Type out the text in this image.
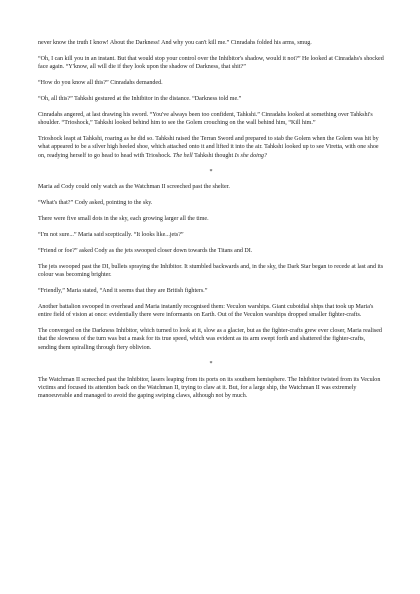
never know the truth I know! About the Darkness! And why you can't kill me.” Cinradahs folded his arms, smug.

“Oh, I can kill you in an instant. But that would stop your control over the Inhibitor's shadow, would it not?” He looked at Cinradahs's shocked face again. “Y'know, all will die if they look upon the shadow of Darkness, that shit?”

“How do you know all this?” Cinradahs demanded.

“Oh, all this?” Tahkshi gestured at the Inhibitor in the distance. “Darkness told me.”

Cinradahs angered, at last drawing his sword. “You've always been too confident, Tahkshi.” Cinradahs looked at something over Tahkshi's shoulder. “Trioshock,” Tahkshi looked behind him to see the Golem crouching on the wall behind him, “Kill him.”

Trioshock leapt at Tahkshi, roaring as he did so. Tahkshi raised the Terran Sword and prepared to stab the Golem when the Golem was hit by what appeared to be a silver high heeled shoe, which attached onto it and lifted it into the air. Tahkshi looked up to see Viretta, with one shoe on, readying herself to go head to head with Trioshock. The hell Tahkshi thought Is she doing?

*

Maria ad Cody could only watch as the Watchman II screeched past the shelter.

“What's that?” Cody asked, pointing to the sky.

There were five small dots in the sky, each growing larger all the time.

“I'm not sure...” Maria said sceptically. “It looks like...jets?”

“Friend or foe?” asked Cody as the jets swooped closer down towards the Titans and DI.

The jets swooped past the DI, bullets spraying the Inhibitor. It stumbled backwards and, in the sky, the Dark Star began to recede at last and its colour was becoming brighter.

“Friendly,” Maria stated, “And it seems that they are British fighters.”

Another battalion swooped in overhead and Maria instantly recognised them: Veculon warships. Giant cuboidial ships that took up Maria's entire field of vision at once: evidentially there were informants on Earth. Out of the Veculon warships dropped smaller fighter-crafts.

The converged on the Darkness Inhibitor, which turned to look at it, slow as a glacier, but as the fighter-crafts grew ever closer, Maria realised that the slowness of the turn was but a mask for its true speed, which was evident as its arm swept forth and shattered the fighter-crafts, sending them spiralling through fiery oblivion.

*

The Watchman II screeched past the Inhibitor, lasers leaping from its ports on its southern hemisphere. The Inhibitor twisted from its Veculon victims and focused its attention back on the Watchman II, trying to claw at it. But, for a large ship, the Watchman II was extremely manoeuvrable and managed to avoid the gaping swiping claws, although not by much.
